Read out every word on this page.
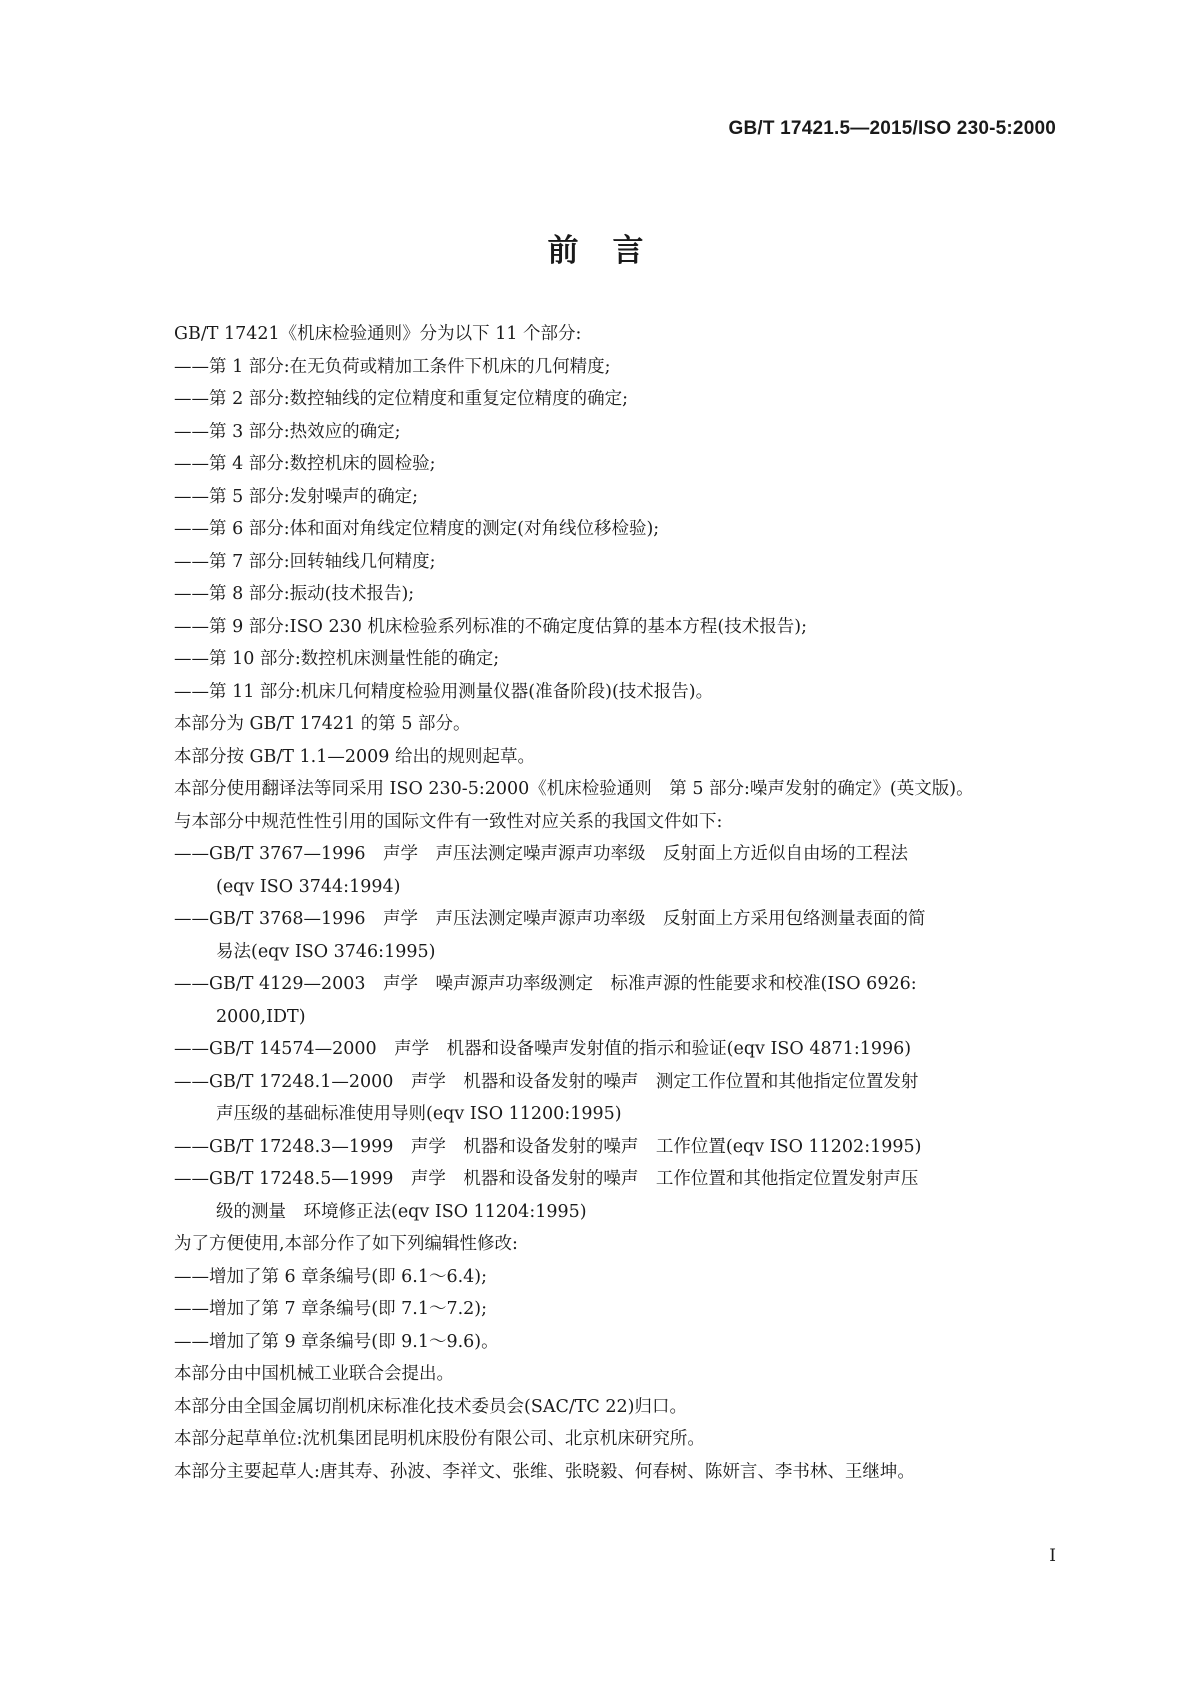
GB/T 17421.5—2015/ISO 230-5:2000
前言
GB/T 17421《机床检验通则》分为以下 11 个部分:
——第 1 部分:在无负荷或精加工条件下机床的几何精度;
——第 2 部分:数控轴线的定位精度和重复定位精度的确定;
——第 3 部分:热效应的确定;
——第 4 部分:数控机床的圆检验;
——第 5 部分:发射噪声的确定;
——第 6 部分:体和面对角线定位精度的测定(对角线位移检验);
——第 7 部分:回转轴线几何精度;
——第 8 部分:振动(技术报告);
——第 9 部分:ISO 230 机床检验系列标准的不确定度估算的基本方程(技术报告);
——第 10 部分:数控机床测量性能的确定;
——第 11 部分:机床几何精度检验用测量仪器(准备阶段)(技术报告)。
本部分为 GB/T 17421 的第 5 部分。
本部分按 GB/T 1.1—2009 给出的规则起草。
本部分使用翻译法等同采用 ISO 230-5:2000《机床检验通则　第 5 部分:噪声发射的确定》(英文版)。
与本部分中规范性性引用的国际文件有一致性对应关系的我国文件如下:
——GB/T 3767—1996　声学　声压法测定噪声源声功率级　反射面上方近似自由场的工程法
(eqv ISO 3744:1994)
——GB/T 3768—1996　声学　声压法测定噪声源声功率级　反射面上方采用包络测量表面的简
易法(eqv ISO 3746:1995)
——GB/T 4129—2003　声学　噪声源声功率级测定　标准声源的性能要求和校准(ISO 6926:
2000,IDT)
——GB/T 14574—2000　声学　机器和设备噪声发射值的指示和验证(eqv ISO 4871:1996)
——GB/T 17248.1—2000　声学　机器和设备发射的噪声　测定工作位置和其他指定位置发射
声压级的基础标准使用导则(eqv ISO 11200:1995)
——GB/T 17248.3—1999　声学　机器和设备发射的噪声　工作位置(eqv ISO 11202:1995)
——GB/T 17248.5—1999　声学　机器和设备发射的噪声　工作位置和其他指定位置发射声压
级的测量　环境修正法(eqv ISO 11204:1995)
为了方便使用,本部分作了如下列编辑性修改:
——增加了第 6 章条编号(即 6.1～6.4);
——增加了第 7 章条编号(即 7.1～7.2);
——增加了第 9 章条编号(即 9.1～9.6)。
本部分由中国机械工业联合会提出。
本部分由全国金属切削机床标准化技术委员会(SAC/TC 22)归口。
本部分起草单位:沈机集团昆明机床股份有限公司、北京机床研究所。
本部分主要起草人:唐其寿、孙波、李祥文、张维、张晓毅、何春树、陈妍言、李书林、王继坤。
I
